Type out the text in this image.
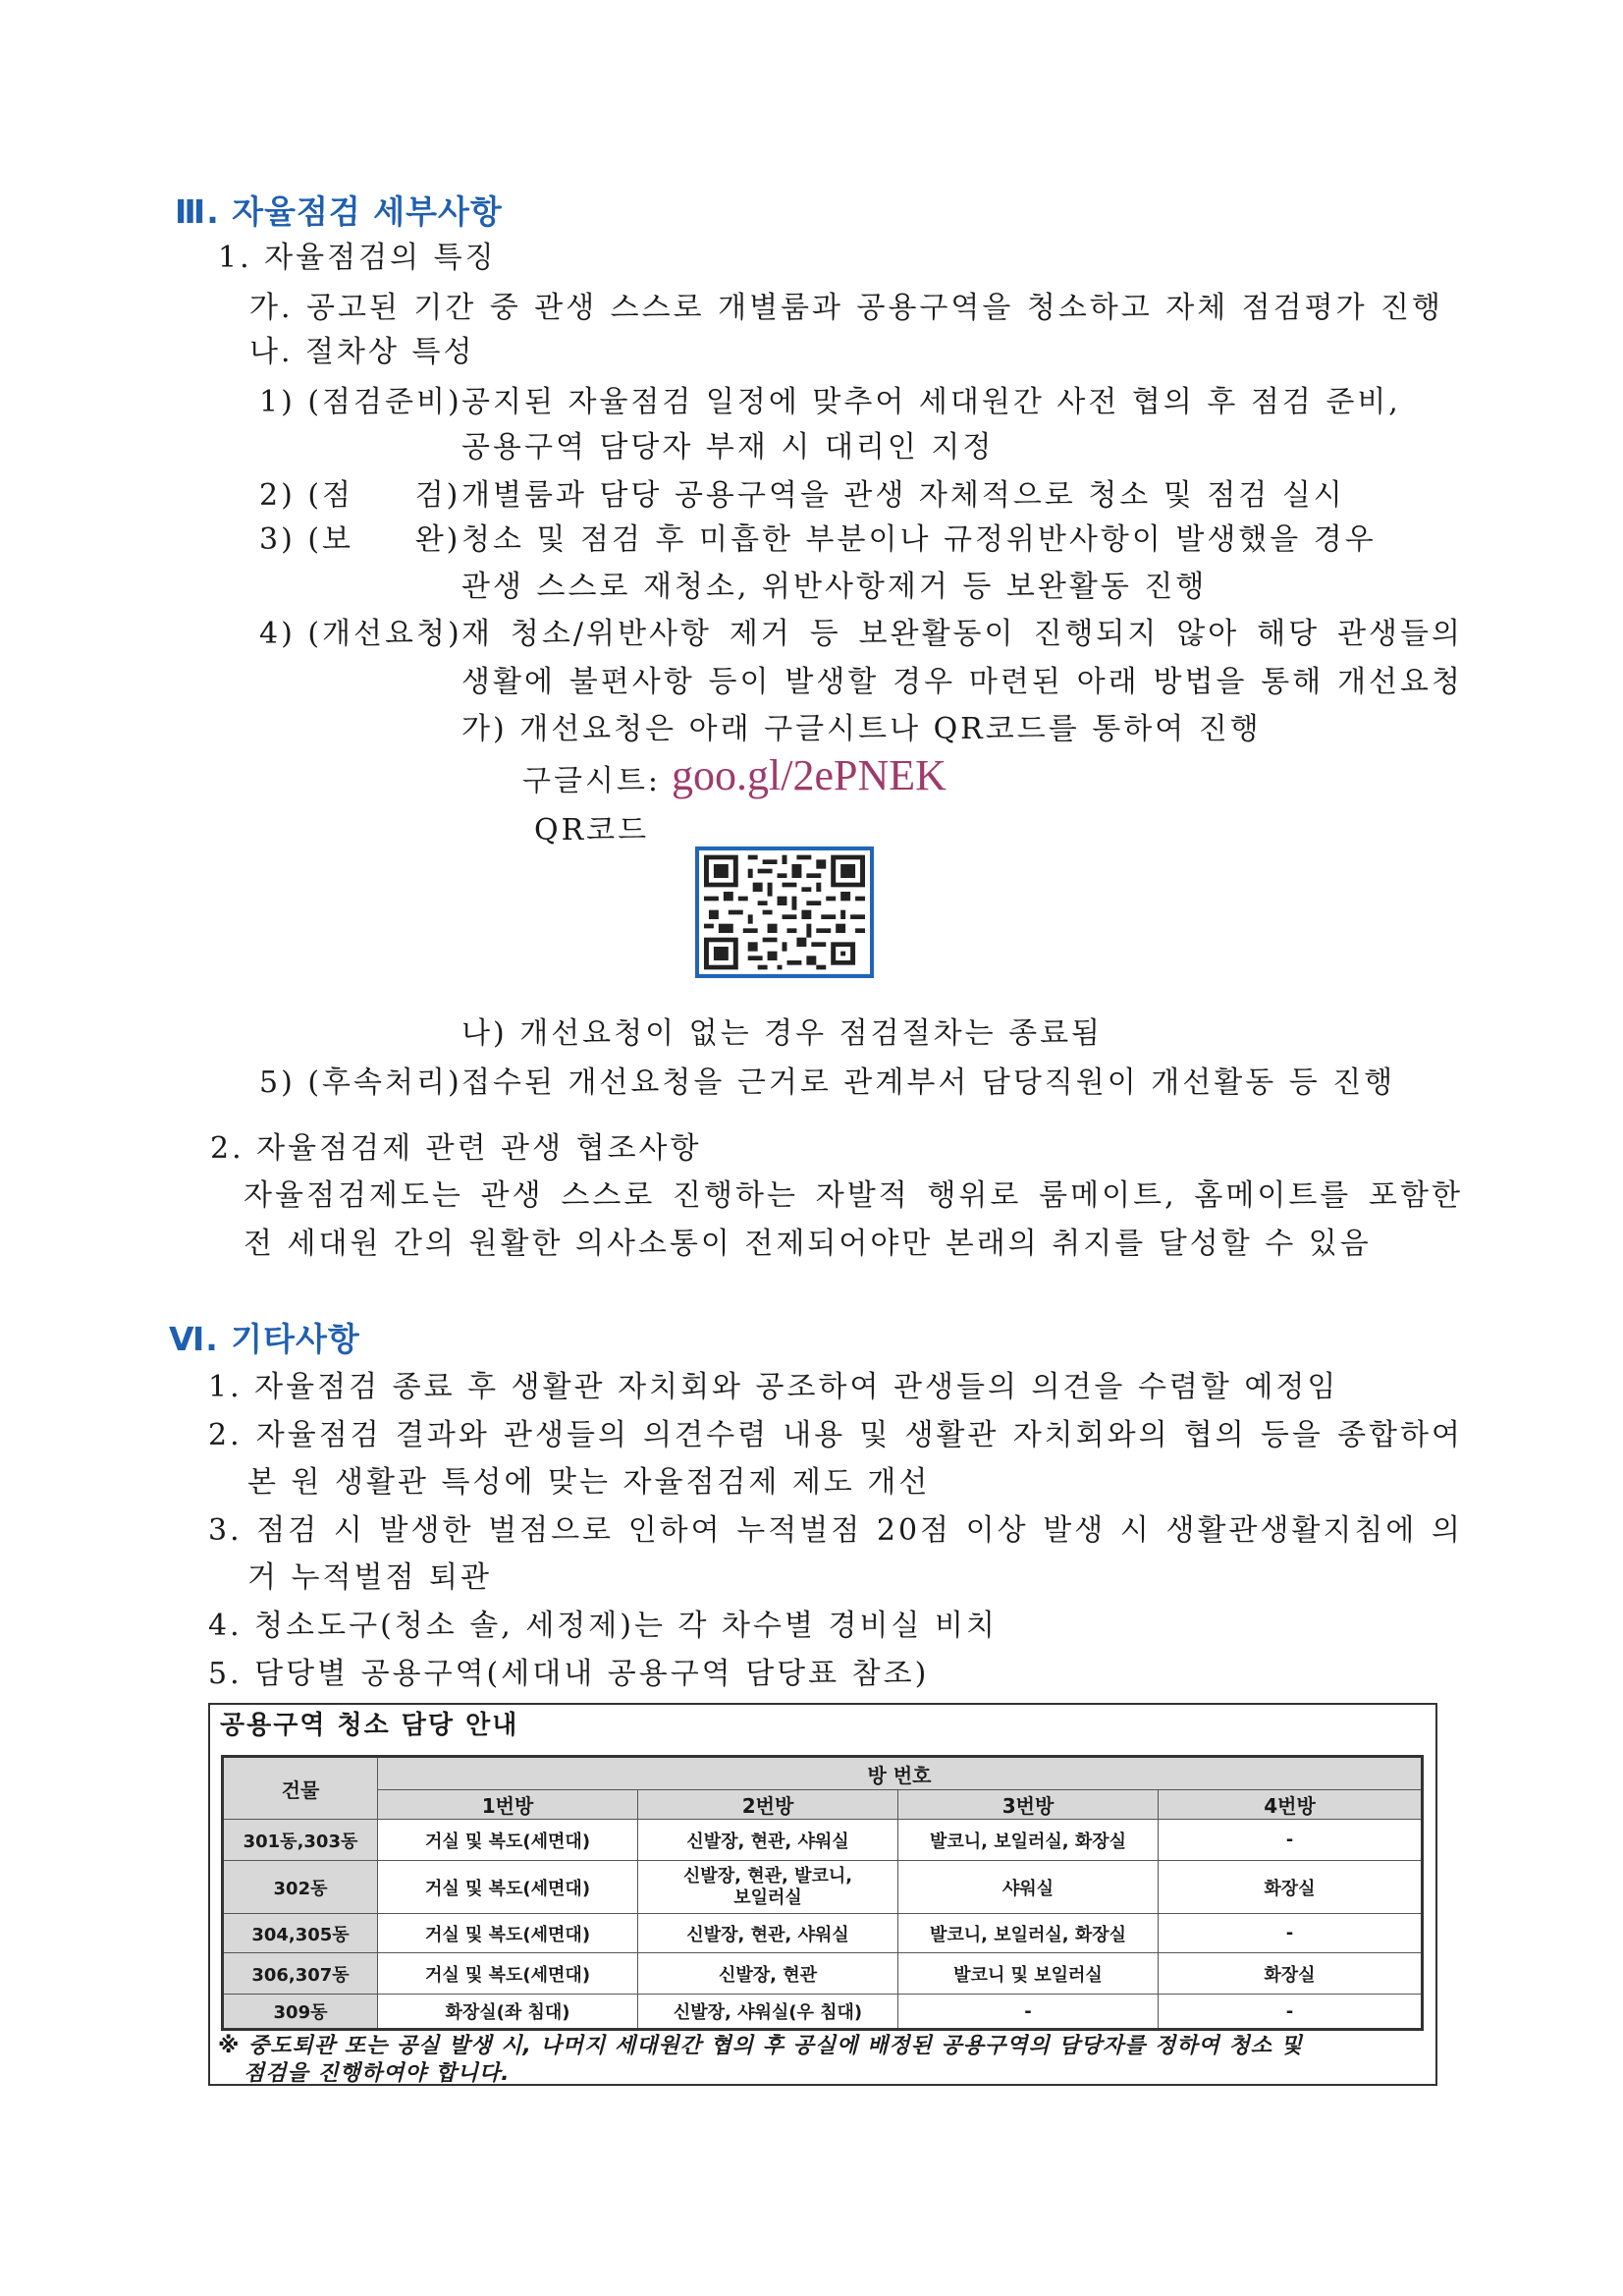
Ⅲ. 자율점검 세부사항
1. 자율점검의 특징
가. 공고된 기간 중 관생 스스로 개별룸과 공용구역을 청소하고 자체 점검평가 진행
나. 절차상 특성
1) (점검준비) 공지된 자율점검 일정에 맞추어 세대원간 사전 협의 후 점검 준비,
공용구역 담당자 부재 시 대리인 지정
2) (점     검) 개별룸과 담당 공용구역을 관생 자체적으로 청소 및 점검 실시
3) (보     완) 청소 및 점검 후 미흡한 부분이나 규정위반사항이 발생했을 경우
관생 스스로 재청소, 위반사항제거 등 보완활동 진행
4) (개선요청) 재 청소/위반사항 제거 등 보완활동이 진행되지 않아 해당 관생들의
생활에 불편사항 등이 발생할 경우 마련된 아래 방법을 통해 개선요청
가) 개선요청은 아래 구글시트나 QR코드를 통하여 진행
구글시트: goo.gl/2ePNEK
QR코드
나) 개선요청이 없는 경우 점검절차는 종료됨
5) (후속처리) 접수된 개선요청을 근거로 관계부서 담당직원이 개선활동 등 진행
2. 자율점검제 관련 관생 협조사항
자율점검제도는 관생 스스로 진행하는 자발적 행위로 룸메이트, 홈메이트를 포함한
전 세대원 간의 원활한 의사소통이 전제되어야만 본래의 취지를 달성할 수 있음
Ⅵ. 기타사항
1. 자율점검 종료 후 생활관 자치회와 공조하여 관생들의 의견을 수렴할 예정임
2. 자율점검 결과와 관생들의 의견수렴 내용 및 생활관 자치회와의 협의 등을 종합하여
본 원 생활관 특성에 맞는 자율점검제 제도 개선
3. 점검 시 발생한 벌점으로 인하여 누적벌점 20점 이상 발생 시 생활관생활지침에 의
거 누적벌점 퇴관
4. 청소도구(청소 솔, 세정제)는 각 차수별 경비실 비치
5. 담당별 공용구역(세대내 공용구역 담당표 참조)
공용구역 청소 담당 안내
건물	방 번호			
	1번방	2번방	3번방	4번방
301동,303동	거실 및 복도(세면대)	신발장, 현관, 샤워실	발코니, 보일러실, 화장실	-
302동	거실 및 복도(세면대)	신발장, 현관, 발코니,
보일러실	샤워실	화장실
304,305동	거실 및 복도(세면대)	신발장, 현관, 샤워실	발코니, 보일러실, 화장실	-
306,307동	거실 및 복도(세면대)	신발장, 현관	발코니 및 보일러실	화장실
309동	화장실(좌 침대)	신발장, 샤워실(우 침대)	-	-
※ 중도퇴관 또는 공실 발생 시, 나머지 세대원간 협의 후 공실에 배정된 공용구역의 담당자를 정하여 청소 및
점검을 진행하여야 합니다.
